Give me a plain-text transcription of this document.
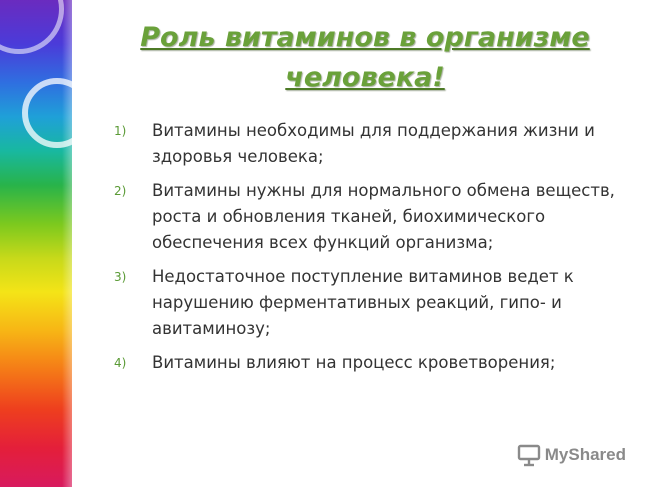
Роль витаминов в организме человека!
1)	Витамины необходимы для поддержания жизни и здоровья человека;
2)	Витамины нужны для нормального обмена веществ, роста и обновления тканей, биохимического обеспечения всех функций организма;
3)	Недостаточное поступление витаминов ведет к нарушению ферментативных реакций, гипо- и авитаминозу;
4)	Витамины влияют на процесс кроветворения;
MyShared
